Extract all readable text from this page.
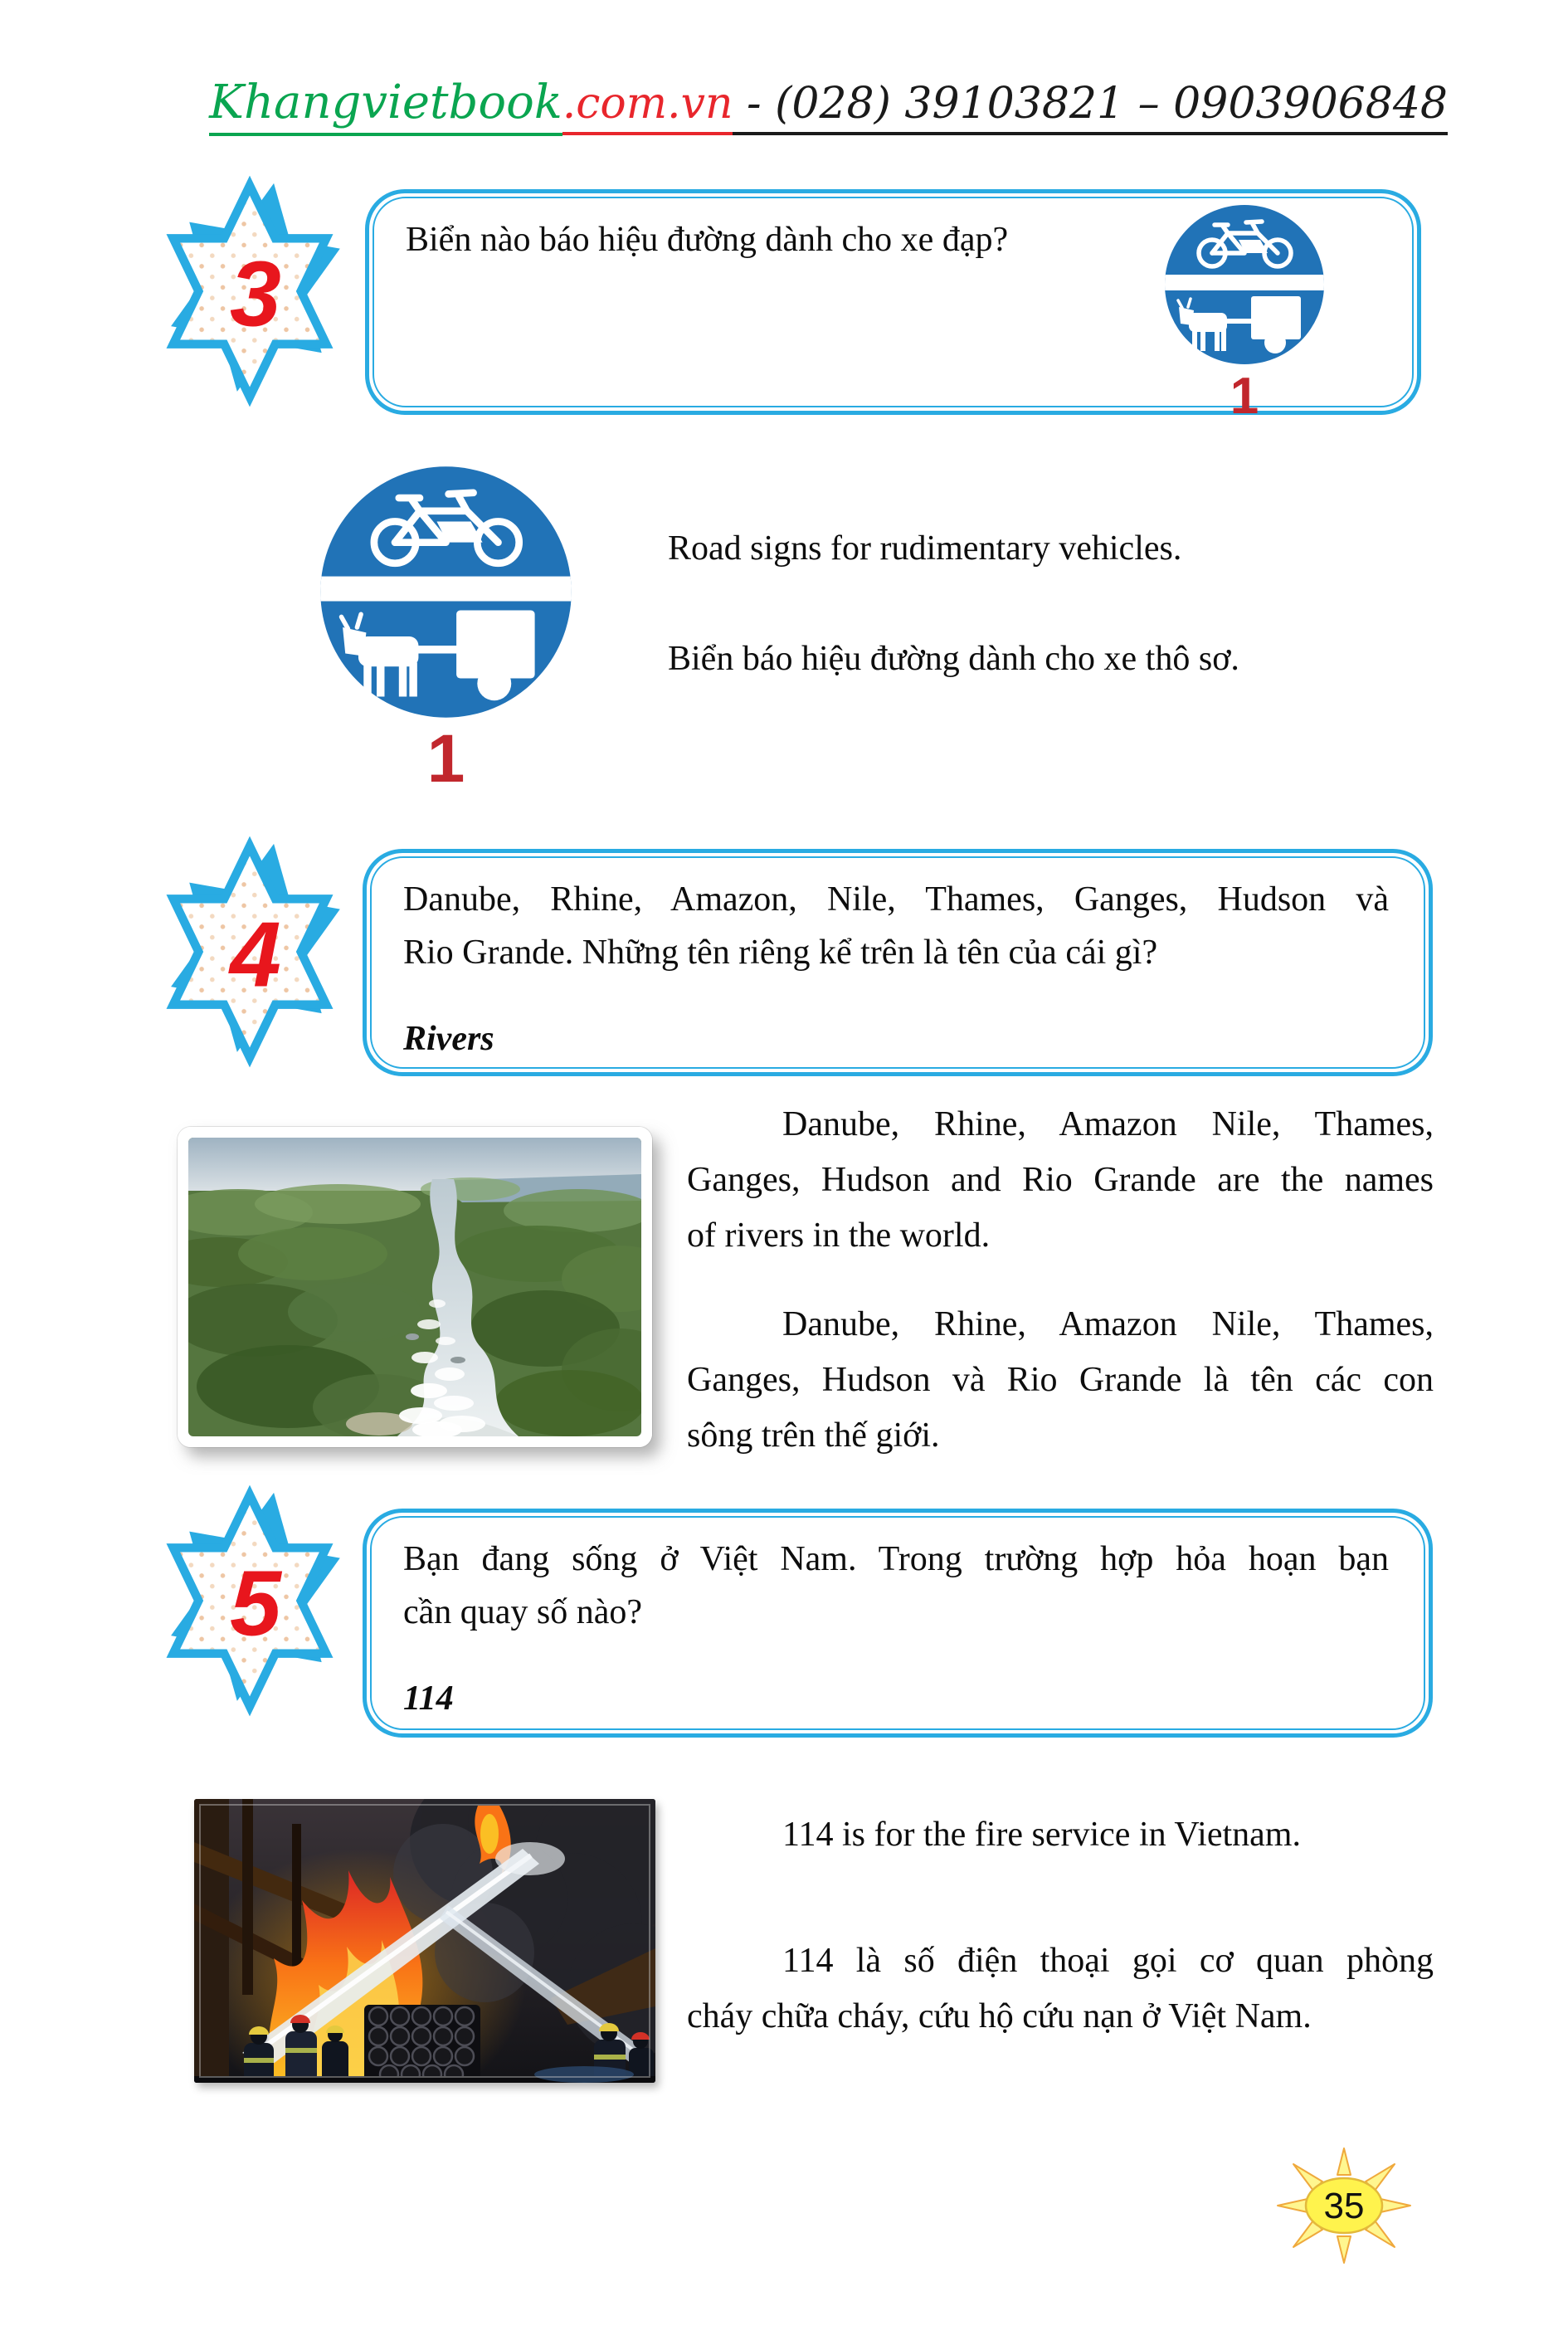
Khangvietbook.com.vn - (028) 39103821 – 0903906848
3
Biển nào báo hiệu đường dành cho xe đạp?
1
1

Road signs for rudimentary vehicles.

Biển báo hiệu đường dành cho xe thô sơ.

4
Danube, Rhine, Amazon, Nile, Thames, Ganges, Hudson và
Rio Grande. Những tên riêng kể trên là tên của cái gì?
Rivers

Danube, Rhine, Amazon Nile, Thames,
Ganges, Hudson and Rio Grande are the names
of rivers in the world.

Danube, Rhine, Amazon Nile, Thames,
Ganges, Hudson và Rio Grande là tên các con
sông trên thế giới.

5	Bạn đang sống ở Việt Nam. Trong trường hợp hỏa hoạn bạn
cần quay số nào?
114

114 is for the fire service in Vietnam.

114 là số điện thoại gọi cơ quan phòng
cháy chữa cháy, cứu hộ cứu nạn ở Việt Nam.

35
